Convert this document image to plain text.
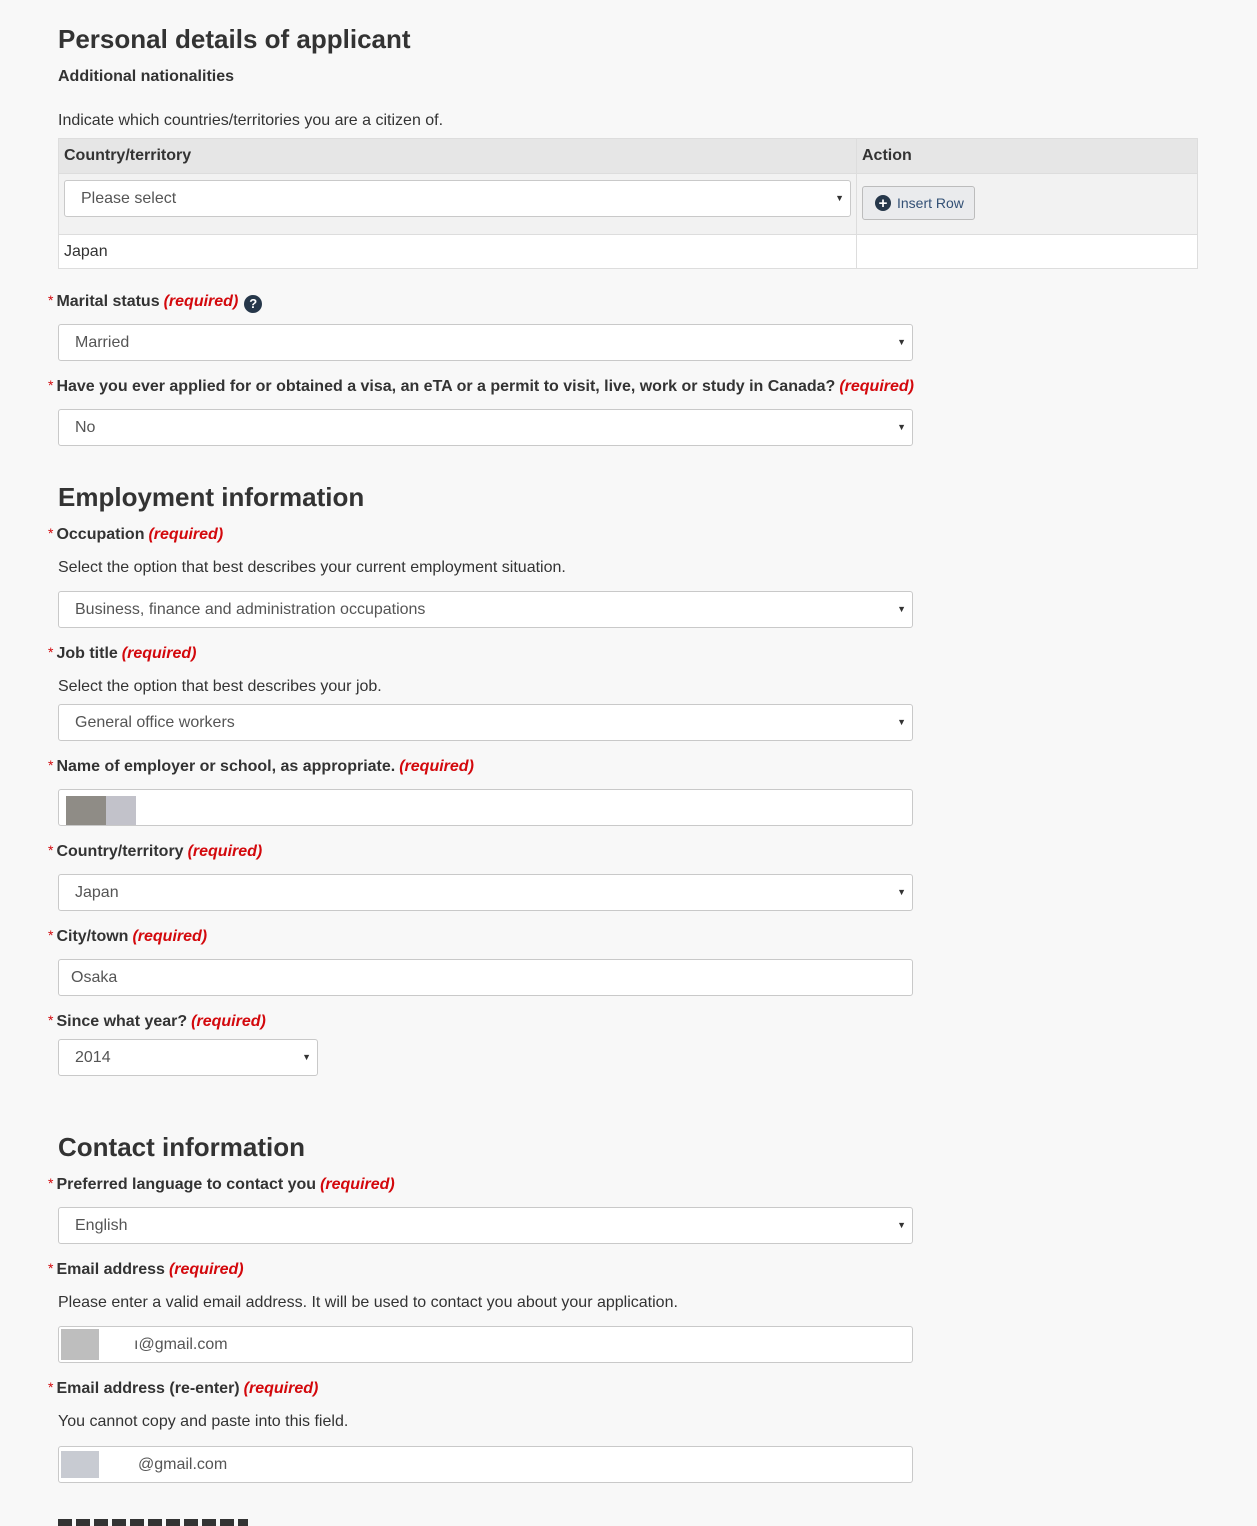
Personal details of applicant
Additional nationalities
Indicate which countries/territories you are a citizen of.
Country/territory	Action

Please select ▼	+ Insert Row

Japan	
* Marital status (required) ?
Married	▼
* Have you ever applied for or obtained a visa, an eTA or a permit to visit, live, work or study in Canada? (required)
No	▼
Employment information
* Occupation (required)
Select the option that best describes your current employment situation.
Business, finance and administration occupations	▼
* Job title (required)
Select the option that best describes your job.
General office workers	▼
* Name of employer or school, as appropriate. (required)
* Country/territory (required)
Japan	▼
* City/town (required)
Osaka
* Since what year? (required)
2014	▼
Contact information
* Preferred language to contact you (required)
English	▼
* Email address (required)
Please enter a valid email address. It will be used to contact you about your application.
ı@gmail.com
* Email address (re-enter) (required)
You cannot copy and paste into this field.
@gmail.com
